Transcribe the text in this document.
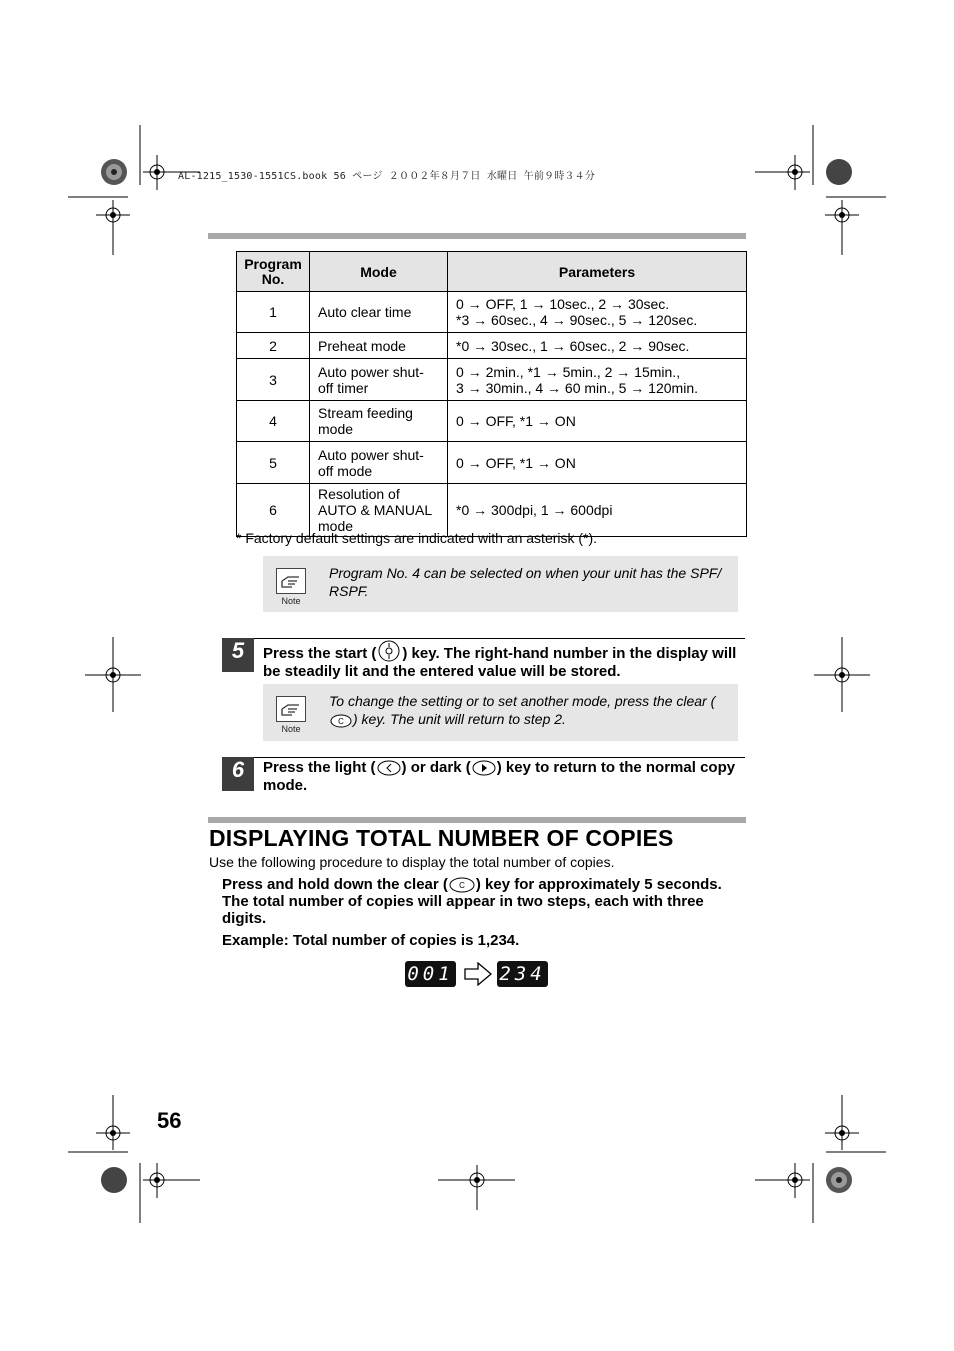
AL-1215_1530-1551CS.book 56 ページ ２００２年８月７日 水曜日 午前９時３４分
Program No.	Mode	Parameters
1	Auto clear time	0 → OFF, 1 → 10sec., 2 → 30sec.
*3 → 60sec., 4 → 90sec., 5 → 120sec.

2	Preheat mode	*0 → 30sec., 1 → 60sec., 2 → 90sec.

3	Auto power shut- off timer	0 → 2min., *1 → 5min., 2 → 15min.,
3 → 30min., 4 → 60 min., 5 → 120min.

4	Stream feeding mode	0 → OFF, *1 → ON

5	Auto power shut- off mode	0 → OFF, *1 → ON

6	Resolution of AUTO & MANUAL mode	*0 → 300dpi, 1 → 600dpi
* Factory default settings are indicated with an asterisk (*).
Note
Program No. 4 can be selected on when your unit has the SPF/ RSPF.
5	Press the start ( ) key. The right-hand number in the display will be steadily lit and the entered value will be stored.
Note
To change the setting or to set another mode, press the clear (
C ) key. The unit will return to step 2.
6	Press the light ( ) or dark ( ) key to return to the normal copy mode.
DISPLAYING TOTAL NUMBER OF COPIES
Use the following procedure to display the total number of copies.
Press and hold down the clear ( C ) key for approximately 5 seconds. The total number of copies will appear in two steps, each with three digits.
Example: Total number of copies is 1,234.
001 234
56
